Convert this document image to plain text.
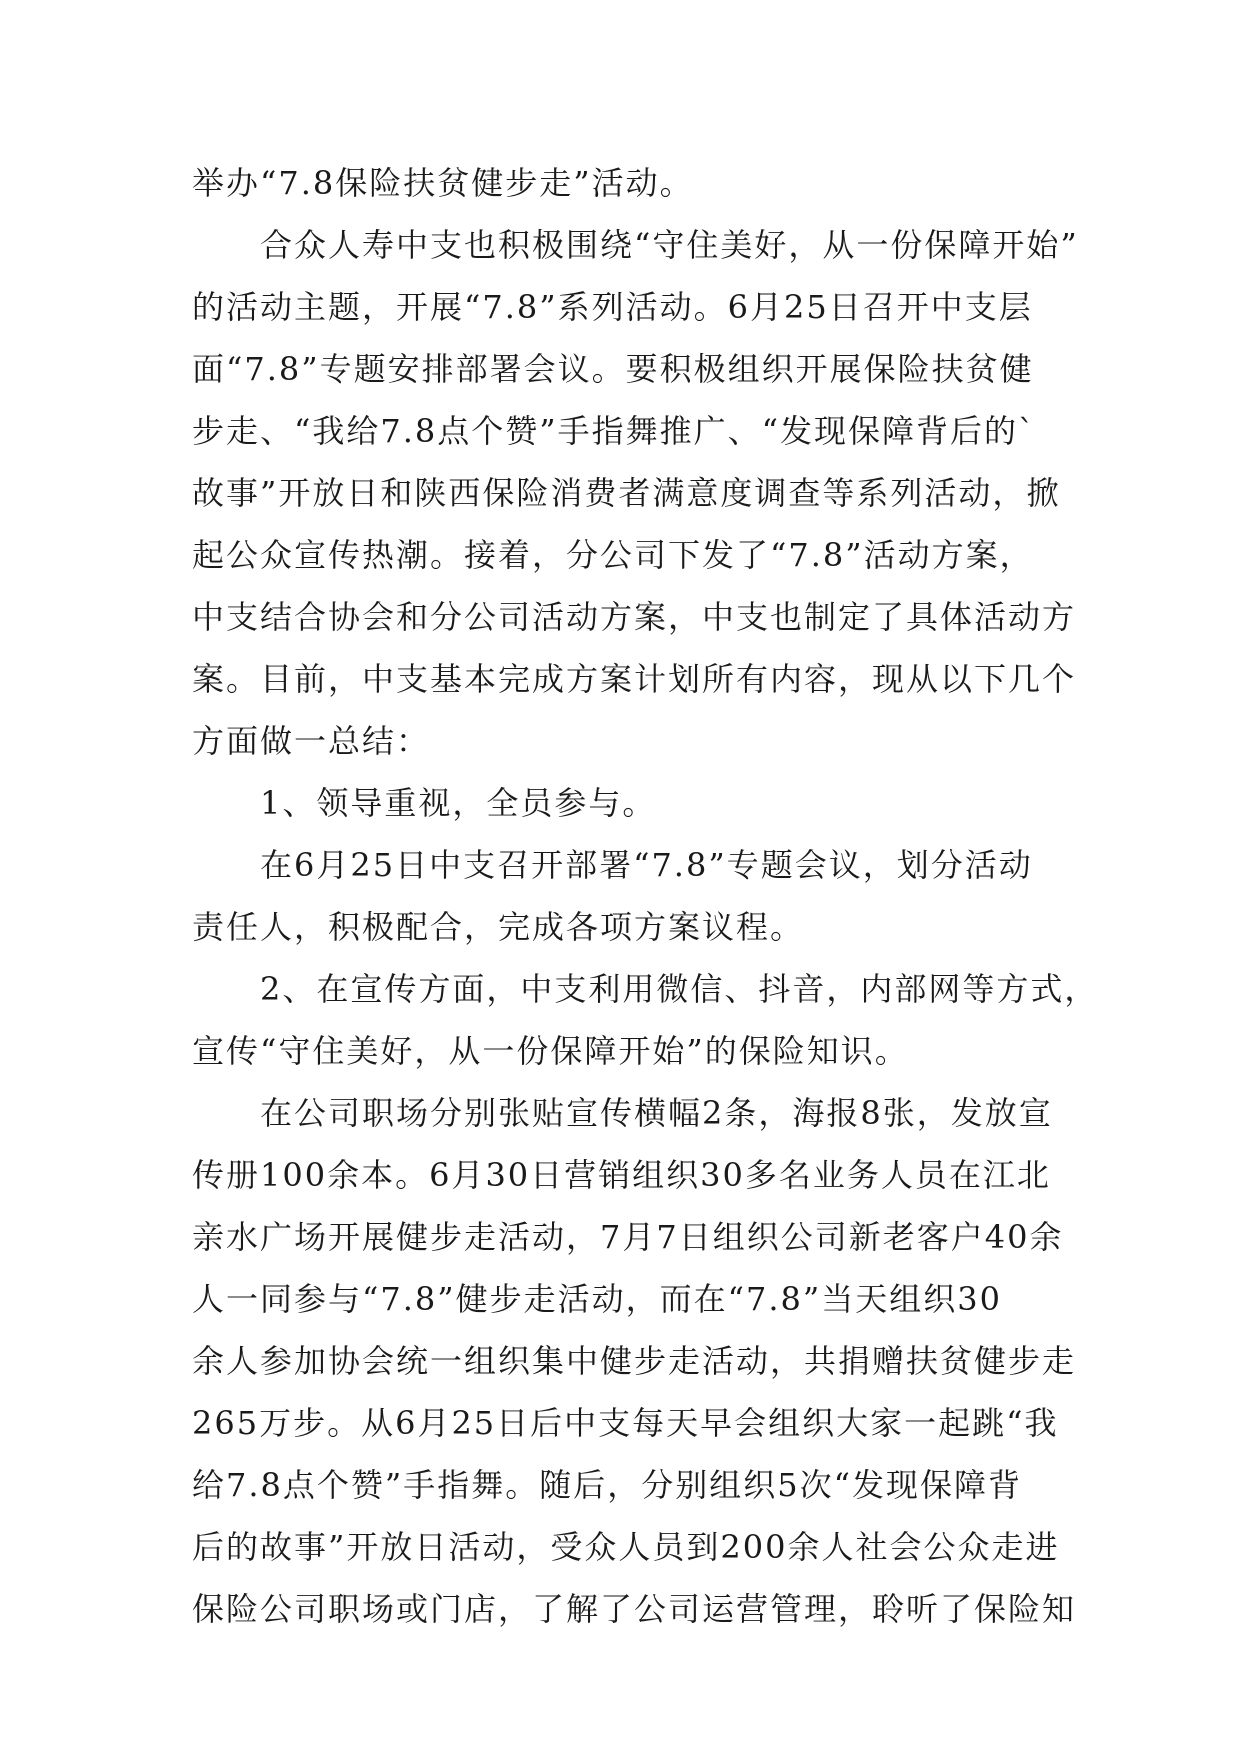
举办“7.8保险扶贫健步走”活动。
　　合众人寿中支也积极围绕“守住美好，从一份保障开始”
的活动主题，开展“7.8”系列活动。6月25日召开中支层
面“7.8”专题安排部署会议。要积极组织开展保险扶贫健
步走、“我给7.8点个赞”手指舞推广、“发现保障背后的`
故事”开放日和陕西保险消费者满意度调查等系列活动，掀
起公众宣传热潮。接着，分公司下发了“7.8”活动方案，
中支结合协会和分公司活动方案，中支也制定了具体活动方
案。目前，中支基本完成方案计划所有内容，现从以下几个
方面做一总结：
　　1、领导重视，全员参与。
　　在6月25日中支召开部署“7.8”专题会议，划分活动
责任人，积极配合，完成各项方案议程。
　　2、在宣传方面，中支利用微信、抖音，内部网等方式，
宣传“守住美好，从一份保障开始”的保险知识。
　　在公司职场分别张贴宣传横幅2条，海报8张，发放宣
传册100余本。6月30日营销组织30多名业务人员在江北
亲水广场开展健步走活动，7月7日组织公司新老客户40余
人一同参与“7.8”健步走活动，而在“7.8”当天组织30
余人参加协会统一组织集中健步走活动，共捐赠扶贫健步走
265万步。从6月25日后中支每天早会组织大家一起跳“我
给7.8点个赞”手指舞。随后，分别组织5次“发现保障背
后的故事”开放日活动，受众人员到200余人社会公众走进
保险公司职场或门店，了解了公司运营管理，聆听了保险知
